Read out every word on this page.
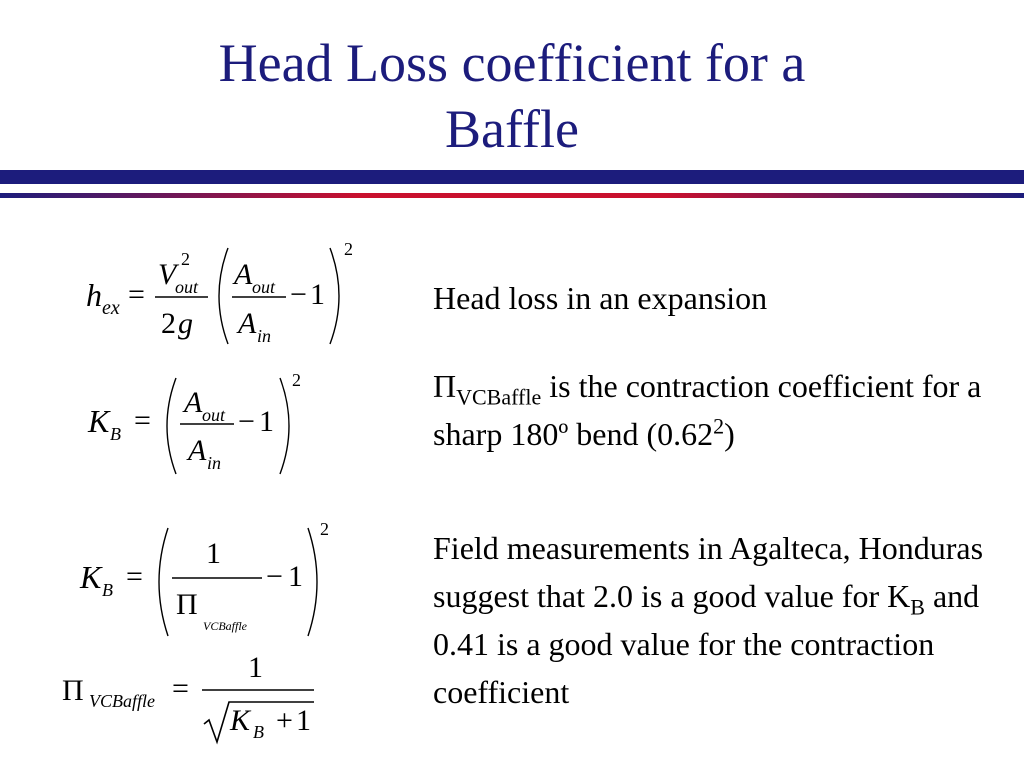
Head Loss coefficient for a
Baffle
h ex =
V 2
out
2 g
A out
A in
− 1
2
K B =
A out
A in
− 1
2
K B =
1
Π
VCBaffle
− 1
2
Π VCBaffle =
1
K B + 1
Head loss in an expansion
$\Pi_{VCBaffle}$ is the contraction coefficient for a sharp 180º bend (0.62$^2$)
Field measurements in Agalteca, Honduras suggest that 2.0 is a good value for $K_B$ and 0.41 is a good value for the contraction coefficient
